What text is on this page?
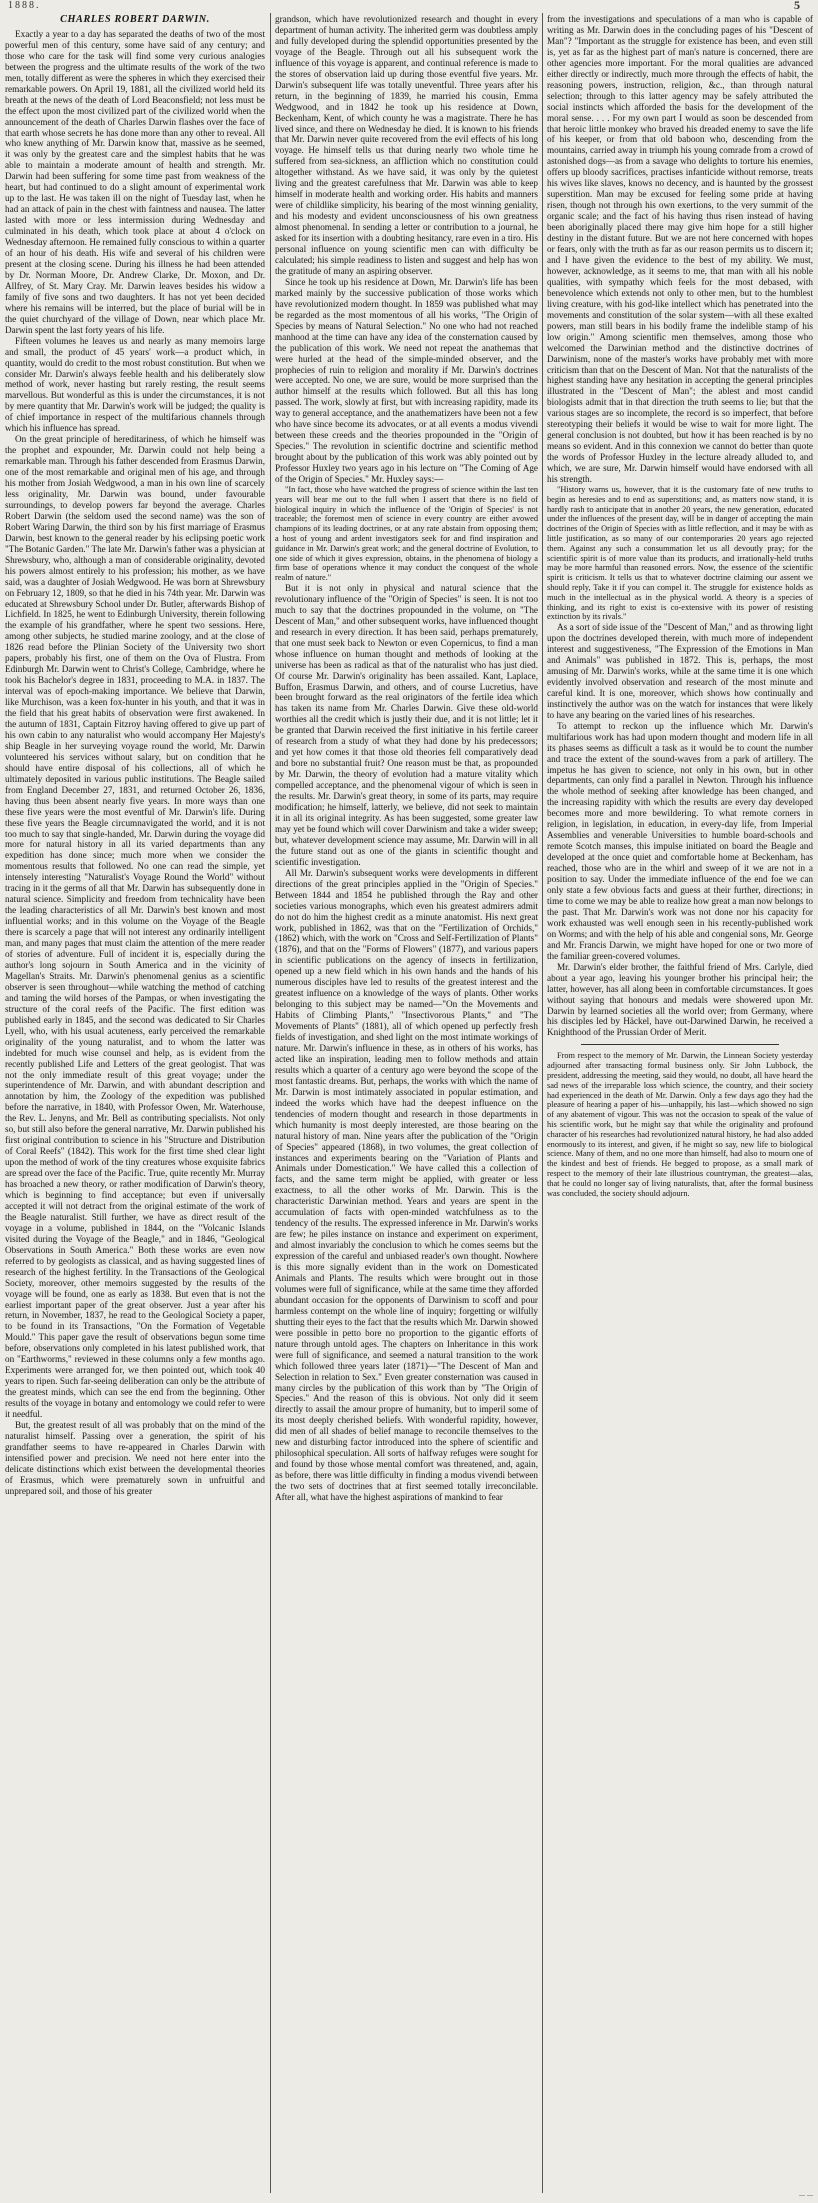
1888.	5
CHARLES ROBERT DARWIN.

Exactly a year to a day has separated the deaths of two of the most powerful men of this century, some have said of any century; and those who care for the task will find some very curious analogies between the progress and the ultimate results of the work of the two men, totally different as were the spheres in which they exercised their remarkable powers. On April 19, 1881, all the civilized world held its breath at the news of the death of Lord Beaconsfield; not less must be the effect upon the most civilized part of the civilized world when the announcement of the death of Charles Darwin flashes over the face of that earth whose secrets he has done more than any other to reveal. All who knew anything of Mr. Darwin know that, massive as he seemed, it was only by the greatest care and the simplest habits that he was able to maintain a moderate amount of health and strength. Mr. Darwin had been suffering for some time past from weakness of the heart, but had continued to do a slight amount of experimental work up to the last. He was taken ill on the night of Tuesday last, when he had an attack of pain in the chest with faintness and nausea. The latter lasted with more or less intermission during Wednesday and culminated in his death, which took place at about 4 o'clock on Wednesday afternoon. He remained fully conscious to within a quarter of an hour of his death. His wife and several of his children were present at the closing scene. During his illness he had been attended by Dr. Norman Moore, Dr. Andrew Clarke, Dr. Moxon, and Dr. Allfrey, of St. Mary Cray. Mr. Darwin leaves besides his widow a family of five sons and two daughters. It has not yet been decided where his remains will be interred, but the place of burial will be in the quiet churchyard of the village of Down, near which place Mr. Darwin spent the last forty years of his life.

Fifteen volumes he leaves us and nearly as many memoirs large and small, the product of 45 years' work—a product which, in quantity, would do credit to the most robust constitution. But when we consider Mr. Darwin's always feeble health and his deliberately slow method of work, never hasting but rarely resting, the result seems marvellous. But wonderful as this is under the circumstances, it is not by mere quantity that Mr. Darwin's work will be judged; the quality is of chief importance in respect of the multifarious channels through which his influence has spread.

On the great principle of hereditariness, of which he himself was the prophet and expounder, Mr. Darwin could not help being a remarkable man. Through his father descended from Erasmus Darwin, one of the most remarkable and original men of his age, and through his mother from Josiah Wedgwood, a man in his own line of scarcely less originality, Mr. Darwin was bound, under favourable surroundings, to develop powers far beyond the average. Charles Robert Darwin (the seldom used the second name) was the son of Robert Waring Darwin, the third son by his first marriage of Erasmus Darwin, best known to the general reader by his eclipsing poetic work "The Botanic Garden." The late Mr. Darwin's father was a physician at Shrewsbury, who, although a man of considerable originality, devoted his powers almost entirely to his profession; his mother, as we have said, was a daughter of Josiah Wedgwood. He was born at Shrewsbury on February 12, 1809, so that he died in his 74th year. Mr. Darwin was educated at Shrewsbury School under Dr. Butler, afterwards Bishop of Lichfield. In 1825, he went to Edinburgh University, therein following the example of his grandfather, where he spent two sessions. Here, among other subjects, he studied marine zoology, and at the close of 1826 read before the Plinian Society of the University two short papers, probably his first, one of them on the Ova of Flustra. From Edinburgh Mr. Darwin went to Christ's College, Cambridge, where he took his Bachelor's degree in 1831, proceeding to M.A. in 1837. The interval was of epoch-making importance. We believe that Darwin, like Murchison, was a keen fox-hunter in his youth, and that it was in the field that his great habits of observation were first awakened. In the autumn of 1831, Captain Fitzroy having offered to give up part of his own cabin to any naturalist who would accompany Her Majesty's ship Beagle in her surveying voyage round the world, Mr. Darwin volunteered his services without salary, but on condition that he should have entire disposal of his collections, all of which he ultimately deposited in various public institutions. The Beagle sailed from England December 27, 1831, and returned October 26, 1836, having thus been absent nearly five years. In more ways than one these five years were the most eventful of Mr. Darwin's life. During these five years the Beagle circumnavigated the world, and it is not too much to say that single-handed, Mr. Darwin during the voyage did more for natural history in all its varied departments than any expedition has done since; much more when we consider the momentous results that followed. No one can read the simple, yet intensely interesting "Naturalist's Voyage Round the World" without tracing in it the germs of all that Mr. Darwin has subsequently done in natural science. Simplicity and freedom from technicality have been the leading characteristics of all Mr. Darwin's best known and most influential works; and in this volume on the Voyage of the Beagle there is scarcely a page that will not interest any ordinarily intelligent man, and many pages that must claim the attention of the mere reader of stories of adventure. Full of incident it is, especially during the author's long sojourn in South America and in the vicinity of Magellan's Straits. Mr. Darwin's phenomenal genius as a scientific observer is seen throughout—while watching the method of catching and taming the wild horses of the Pampas, or when investigating the structure of the coral reefs of the Pacific. The first edition was published early in 1845, and the second was dedicated to Sir Charles Lyell, who, with his usual acuteness, early perceived the remarkable originality of the young naturalist, and to whom the latter was indebted for much wise counsel and help, as is evident from the recently published Life and Letters of the great geologist. That was not the only immediate result of this great voyage; under the superintendence of Mr. Darwin, and with abundant description and annotation by him, the Zoology of the expedition was published before the narrative, in 1840, with Professor Owen, Mr. Waterhouse, the Rev. L. Jenyns, and Mr. Bell as contributing specialists. Not only so, but still also before the general narrative, Mr. Darwin published his first original contribution to science in his "Structure and Distribution of Coral Reefs" (1842). This work for the first time shed clear light upon the method of work of the tiny creatures whose exquisite fabrics are spread over the face of the Pacific. True, quite recently Mr. Murray has broached a new theory, or rather modification of Darwin's theory, which is beginning to find acceptance; but even if universally accepted it will not detract from the original estimate of the work of the Beagle naturalist. Still further, we have as direct result of the voyage in a volume, published in 1844, on the "Volcanic Islands visited during the Voyage of the Beagle," and in 1846, "Geological Observations in South America." Both these works are even now referred to by geologists as classical, and as having suggested lines of research of the highest fertility. In the Transactions of the Geological Society, moreover, other memoirs suggested by the results of the voyage will be found, one as early as 1838. But even that is not the earliest important paper of the great observer. Just a year after his return, in November, 1837, he read to the Geological Society a paper, to be found in its Transactions, "On the Formation of Vegetable Mould." This paper gave the result of observations begun some time before, observations only completed in his latest published work, that on "Earthworms," reviewed in these columns only a few months ago. Experiments were arranged for, we then pointed out, which took 40 years to ripen. Such far-seeing deliberation can only be the attribute of the greatest minds, which can see the end from the beginning. Other results of the voyage in botany and entomology we could refer to were it needful.

But, the greatest result of all was probably that on the mind of the naturalist himself. Passing over a generation, the spirit of his grandfather seems to have re-appeared in Charles Darwin with intensified power and precision. We need not here enter into the delicate distinctions which exist between the developmental theories of Erasmus, which were prematurely sown in unfruitful and unprepared soil, and those of his greater

grandson, which have revolutionized research and thought in every department of human activity. The inherited germ was doubtless amply and fully developed during the splendid opportunities presented by the voyage of the Beagle. Through out all his subsequent work the influence of this voyage is apparent, and continual reference is made to the stores of observation laid up during those eventful five years. Mr. Darwin's subsequent life was totally uneventful. Three years after his return, in the beginning of 1839, he married his cousin, Emma Wedgwood, and in 1842 he took up his residence at Down, Beckenham, Kent, of which county he was a magistrate. There he has lived since, and there on Wednesday he died. It is known to his friends that Mr. Darwin never quite recovered from the evil effects of his long voyage. He himself tells us that during nearly two whole time he suffered from sea-sickness, an affliction which no constitution could altogether withstand. As we have said, it was only by the quietest living and the greatest carefulness that Mr. Darwin was able to keep himself in moderate health and working order. His habits and manners were of childlike simplicity, his bearing of the most winning geniality, and his modesty and evident unconsciousness of his own greatness almost phenomenal. In sending a letter or contribution to a journal, he asked for its insertion with a doubting hesitancy, rare even in a tiro. His personal influence on young scientific men can with difficulty be calculated; his simple readiness to listen and suggest and help has won the gratitude of many an aspiring observer.

Since he took up his residence at Down, Mr. Darwin's life has been marked mainly by the successive publication of those works which have revolutionized modern thought. In 1859 was published what may be regarded as the most momentous of all his works, "The Origin of Species by means of Natural Selection." No one who had not reached manhood at the time can have any idea of the consternation caused by the publication of this work. We need not repeat the anathemas that were hurled at the head of the simple-minded observer, and the prophecies of ruin to religion and morality if Mr. Darwin's doctrines were accepted. No one, we are sure, would be more surprised than the author himself at the results which followed. But all this has long passed. The work, slowly at first, but with increasing rapidity, made its way to general acceptance, and the anathematizers have been not a few who have since become its advocates, or at all events a modus vivendi between these creeds and the theories propounded in the "Origin of Species." The revolution in scientific doctrine and scientific method brought about by the publication of this work was ably pointed out by Professor Huxley two years ago in his lecture on "The Coming of Age of the Origin of Species." Mr. Huxley says:—

"In fact, those who have watched the progress of science within the last ten years will bear me out to the full when I assert that there is no field of biological inquiry in which the influence of the 'Origin of Species' is not traceable; the foremost men of science in every country are either avowed champions of its leading doctrines, or at any rate abstain from opposing them; a host of young and ardent investigators seek for and find inspiration and guidance in Mr. Darwin's great work; and the general doctrine of Evolution, to one side of which it gives expression, obtains, in the phenomena of biology a firm base of operations whence it may conduct the conquest of the whole realm of nature."

But it is not only in physical and natural science that the revolutionary influence of the "Origin of Species" is seen. It is not too much to say that the doctrines propounded in the volume, on "The Descent of Man," and other subsequent works, have influenced thought and research in every direction. It has been said, perhaps prematurely, that one must seek back to Newton or even Copernicus, to find a man whose influence on human thought and methods of looking at the universe has been as radical as that of the naturalist who has just died. Of course Mr. Darwin's originality has been assailed. Kant, Laplace, Buffon, Erasmus Darwin, and others, and of course Lucretius, have been brought forward as the real originators of the fertile idea which has taken its name from Mr. Charles Darwin. Give these old-world worthies all the credit which is justly their due, and it is not little; let it be granted that Darwin received the first initiative in his fertile career of research from a study of what they had done by his predecessors; and yet how comes it that those old theories fell comparatively dead and bore no substantial fruit? One reason must be that, as propounded by Mr. Darwin, the theory of evolution had a mature vitality which compelled acceptance, and the phenomenal vigour of which is seen in the results. Mr. Darwin's great theory, in some of its parts, may require modification; he himself, latterly, we believe, did not seek to maintain it in all its original integrity. As has been suggested, some greater law may yet be found which will cover Darwinism and take a wider sweep; but, whatever development science may assume, Mr. Darwin will in all the future stand out as one of the giants in scientific thought and scientific investigation.

All Mr. Darwin's subsequent works were developments in different directions of the great principles applied in the "Origin of Species." Between 1844 and 1854 he published through the Ray and other societies various monographs, which even his greatest admirers admit do not do him the highest credit as a minute anatomist. His next great work, published in 1862, was that on the "Fertilization of Orchids," (1862) which, with the work on "Cross and Self-Fertilization of Plants" (1876), and that on the "Forms of Flowers" (1877), and various papers in scientific publications on the agency of insects in fertilization, opened up a new field which in his own hands and the hands of his numerous disciples have led to results of the greatest interest and the greatest influence on a knowledge of the ways of plants. Other works belonging to this subject may be named—"On the Movements and Habits of Climbing Plants," "Insectivorous Plants," and "The Movements of Plants" (1881), all of which opened up perfectly fresh fields of investigation, and shed light on the most intimate workings of nature. Mr. Darwin's influence in these, as in others of his works, has acted like an inspiration, leading men to follow methods and attain results which a quarter of a century ago were beyond the scope of the most fantastic dreams. But, perhaps, the works with which the name of Mr. Darwin is most intimately associated in popular estimation, and indeed the works which have had the deepest influence on the tendencies of modern thought and research in those departments in which humanity is most deeply interested, are those bearing on the natural history of man. Nine years after the publication of the "Origin of Species" appeared (1868), in two volumes, the great collection of instances and experiments bearing on the "Variation of Plants and Animals under Domestication." We have called this a collection of facts, and the same term might be applied, with greater or less exactness, to all the other works of Mr. Darwin. This is the characteristic Darwinian method. Years and years are spent in the accumulation of facts with open-minded watchfulness as to the tendency of the results. The expressed inference in Mr. Darwin's works are few; he piles instance on instance and experiment on experiment, and almost invariably the conclusion to which he comes seems but the expression of the careful and unbiased reader's own thought. Nowhere is this more signally evident than in the work on Domesticated Animals and Plants. The results which were brought out in those volumes were full of significance, while at the same time they afforded abundant occasion for the opponents of Darwinism to scoff and pour harmless contempt on the whole line of inquiry; forgetting or wilfully shutting their eyes to the fact that the results which Mr. Darwin showed were possible in petto bore no proportion to the gigantic efforts of nature through untold ages. The chapters on Inheritance in this work were full of significance, and seemed a natural transition to the work which followed three years later (1871)—"The Descent of Man and Selection in relation to Sex." Even greater consternation was caused in many circles by the publication of this work than by "The Origin of Species." And the reason of this is obvious. Not only did it seem directly to assail the amour propre of humanity, but to imperil some of its most deeply cherished beliefs. With wonderful rapidity, however, did men of all shades of belief manage to reconcile themselves to the new and disturbing factor introduced into the sphere of scientific and philosophical speculation. All sorts of halfway refuges were sought for and found by those whose mental comfort was threatened, and, again, as before, there was little difficulty in finding a modus vivendi between the two sets of doctrines that at first seemed totally irreconcilable. After all, what have the highest aspirations of mankind to fear

from the investigations and speculations of a man who is capable of writing as Mr. Darwin does in the concluding pages of his "Descent of Man"? "Important as the struggle for existence has been, and even still is, yet as far as the highest part of man's nature is concerned, there are other agencies more important. For the moral qualities are advanced either directly or indirectly, much more through the effects of habit, the reasoning powers, instruction, religion, &c., than through natural selection; through to this latter agency may be safely attributed the social instincts which afforded the basis for the development of the moral sense. . . . For my own part I would as soon be descended from that heroic little monkey who braved his dreaded enemy to save the life of his keeper, or from that old baboon who, descending from the mountains, carried away in triumph his young comrade from a crowd of astonished dogs—as from a savage who delights to torture his enemies, offers up bloody sacrifices, practises infanticide without remorse, treats his wives like slaves, knows no decency, and is haunted by the grossest superstition. Man may be excused for feeling some pride at having risen, though not through his own exertions, to the very summit of the organic scale; and the fact of his having thus risen instead of having been aboriginally placed there may give him hope for a still higher destiny in the distant future. But we are not here concerned with hopes or fears, only with the truth as far as our reason permits us to discern it; and I have given the evidence to the best of my ability. We must, however, acknowledge, as it seems to me, that man with all his noble qualities, with sympathy which feels for the most debased, with benevolence which extends not only to other men, but to the humblest living creature, with his god-like intellect which has penetrated into the movements and constitution of the solar system—with all these exalted powers, man still bears in his bodily frame the indelible stamp of his low origin." Among scientific men themselves, among those who welcomed the Darwinian method and the distinctive doctrines of Darwinism, none of the master's works have probably met with more criticism than that on the Descent of Man. Not that the naturalists of the highest standing have any hesitation in accepting the general principles illustrated in the "Descent of Man"; the ablest and most candid biologists admit that in that direction the truth seems to lie; but that the various stages are so incomplete, the record is so imperfect, that before stereotyping their beliefs it would be wise to wait for more light. The general conclusion is not doubted, but how it has been reached is by no means so evident. And in this connexion we cannot do better than quote the words of Professor Huxley in the lecture already alluded to, and which, we are sure, Mr. Darwin himself would have endorsed with all his strength.

"History warns us, however, that it is the customary fate of new truths to begin as heresies and to end as superstitions; and, as matters now stand, it is hardly rash to anticipate that in another 20 years, the new generation, educated under the influences of the present day, will be in danger of accepting the main doctrines of the Origin of Species with as little reflection, and it may be with as little justification, as so many of our contemporaries 20 years ago rejected them. Against any such a consummation let us all devoutly pray; for the scientific spirit is of more value than its products, and irrationally-held truths may be more harmful than reasoned errors. Now, the essence of the scientific spirit is criticism. It tells us that to whatever doctrine claiming our assent we should reply, Take it if you can compel it. The struggle for existence holds as much in the intellectual as in the physical world. A theory is a species of thinking, and its right to exist is co-extensive with its power of resisting extinction by its rivals."

As a sort of side issue of the "Descent of Man," and as throwing light upon the doctrines developed therein, with much more of independent interest and suggestiveness, "The Expression of the Emotions in Man and Animals" was published in 1872. This is, perhaps, the most amusing of Mr. Darwin's works, while at the same time it is one which evidently involved observation and research of the most minute and careful kind. It is one, moreover, which shows how continually and instinctively the author was on the watch for instances that were likely to have any bearing on the varied lines of his researches.

To attempt to reckon up the influence which Mr. Darwin's multifarious work has had upon modern thought and modern life in all its phases seems as difficult a task as it would be to count the number and trace the extent of the sound-waves from a park of artillery. The impetus he has given to science, not only in his own, but in other departments, can only find a parallel in Newton. Through his influence the whole method of seeking after knowledge has been changed, and the increasing rapidity with which the results are every day developed becomes more and more bewildering. To what remote corners in religion, in legislation, in education, in every-day life, from Imperial Assemblies and venerable Universities to humble board-schools and remote Scotch manses, this impulse initiated on board the Beagle and developed at the once quiet and comfortable home at Beckenham, has reached, those who are in the whirl and sweep of it we are not in a position to say. Under the immediate influence of the end foe we can only state a few obvious facts and guess at their further, directions; in time to come we may be able to realize how great a man now belongs to the past. That Mr. Darwin's work was not done nor his capacity for work exhausted was well enough seen in his recently-published work on Worms; and with the help of his able and congenial sons, Mr. George and Mr. Francis Darwin, we might have hoped for one or two more of the familiar green-covered volumes.

Mr. Darwin's elder brother, the faithful friend of Mrs. Carlyle, died about a year ago, leaving his younger brother his principal heir; the latter, however, has all along been in comfortable circumstances. It goes without saying that honours and medals were showered upon Mr. Darwin by learned societies all the world over; from Germany, where his disciples led by Häckel, have out-Darwined Darwin, he received a Knighthood of the Prussian Order of Merit.

From respect to the memory of Mr. Darwin, the Linnean Society yesterday adjourned after transacting formal business only. Sir John Lubbock, the president, addressing the meeting, said they would, no doubt, all have heard the sad news of the irreparable loss which science, the country, and their society had experienced in the death of Mr. Darwin. Only a few days ago they had the pleasure of hearing a paper of his—unhappily, his last—which showed no sign of any abatement of vigour. This was not the occasion to speak of the value of his scientific work, but he might say that while the originality and profound character of his researches had revolutionized natural history, he had also added enormously to its interest, and given, if he might so say, new life to biological science. Many of them, and no one more than himself, had also to mourn one of the kindest and best of friends. He begged to propose, as a small mark of respect to the memory of their late illustrious countryman, the greatest—alas, that he could no longer say of living naturalists, that, after the formal business was concluded, the society should adjourn.

... ...
